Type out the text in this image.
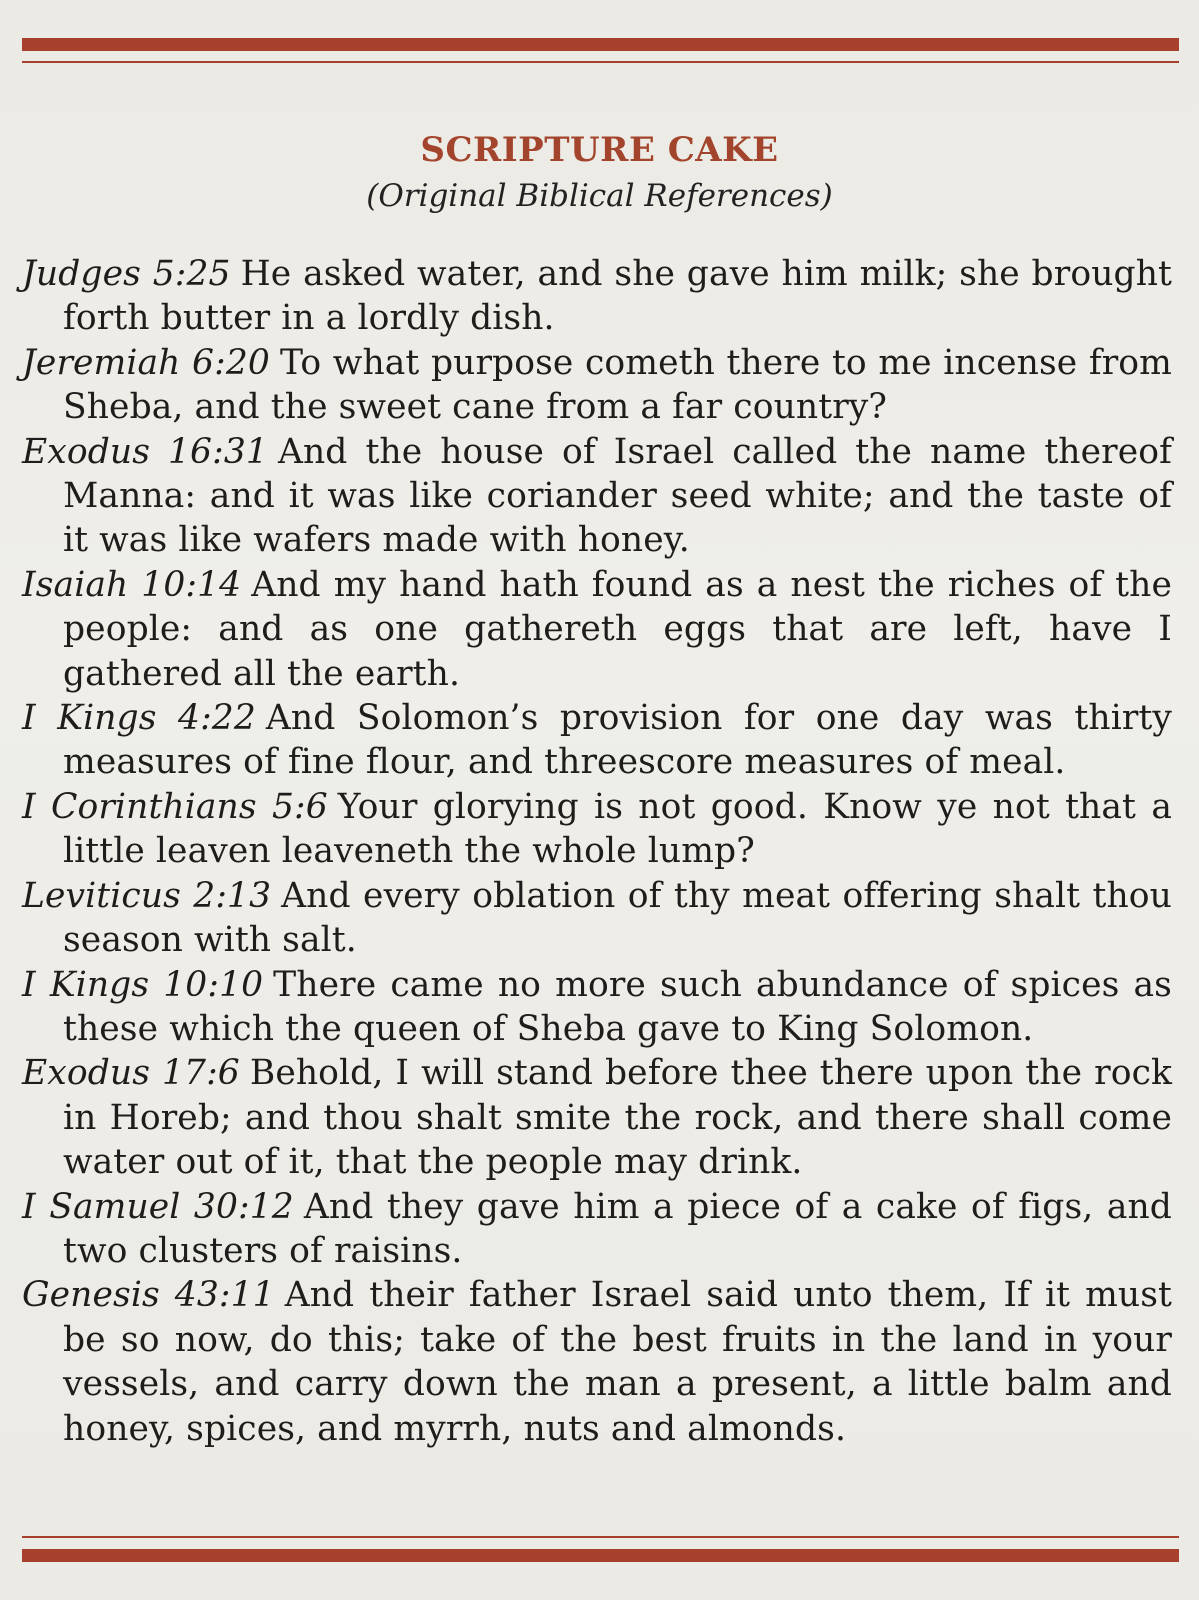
SCRIPTURE CAKE
(Original Biblical References)
Judges 5:25 He asked water, and she gave him milk; she brought forth butter in a lordly dish.
Jeremiah 6:20 To what purpose cometh there to me incense from Sheba, and the sweet cane from a far country?
Exodus 16:31 And the house of Israel called the name thereof Manna: and it was like coriander seed white; and the taste of it was like wafers made with honey.
Isaiah 10:14 And my hand hath found as a nest the riches of the people: and as one gathereth eggs that are left, have I gathered all the earth.
I Kings 4:22 And Solomon’s provision for one day was thirty measures of fine flour, and threescore measures of meal.
I Corinthians 5:6 Your glorying is not good. Know ye not that a little leaven leaveneth the whole lump?
Leviticus 2:13 And every oblation of thy meat offering shalt thou season with salt.
I Kings 10:10 There came no more such abundance of spices as these which the queen of Sheba gave to King Solomon.
Exodus 17:6 Behold, I will stand before thee there upon the rock in Horeb; and thou shalt smite the rock, and there shall come water out of it, that the people may drink.
I Samuel 30:12 And they gave him a piece of a cake of figs, and two clusters of raisins.
Genesis 43:11 And their father Israel said unto them, If it must be so now, do this; take of the best fruits in the land in your vessels, and carry down the man a present, a little balm and honey, spices, and myrrh, nuts and almonds.
